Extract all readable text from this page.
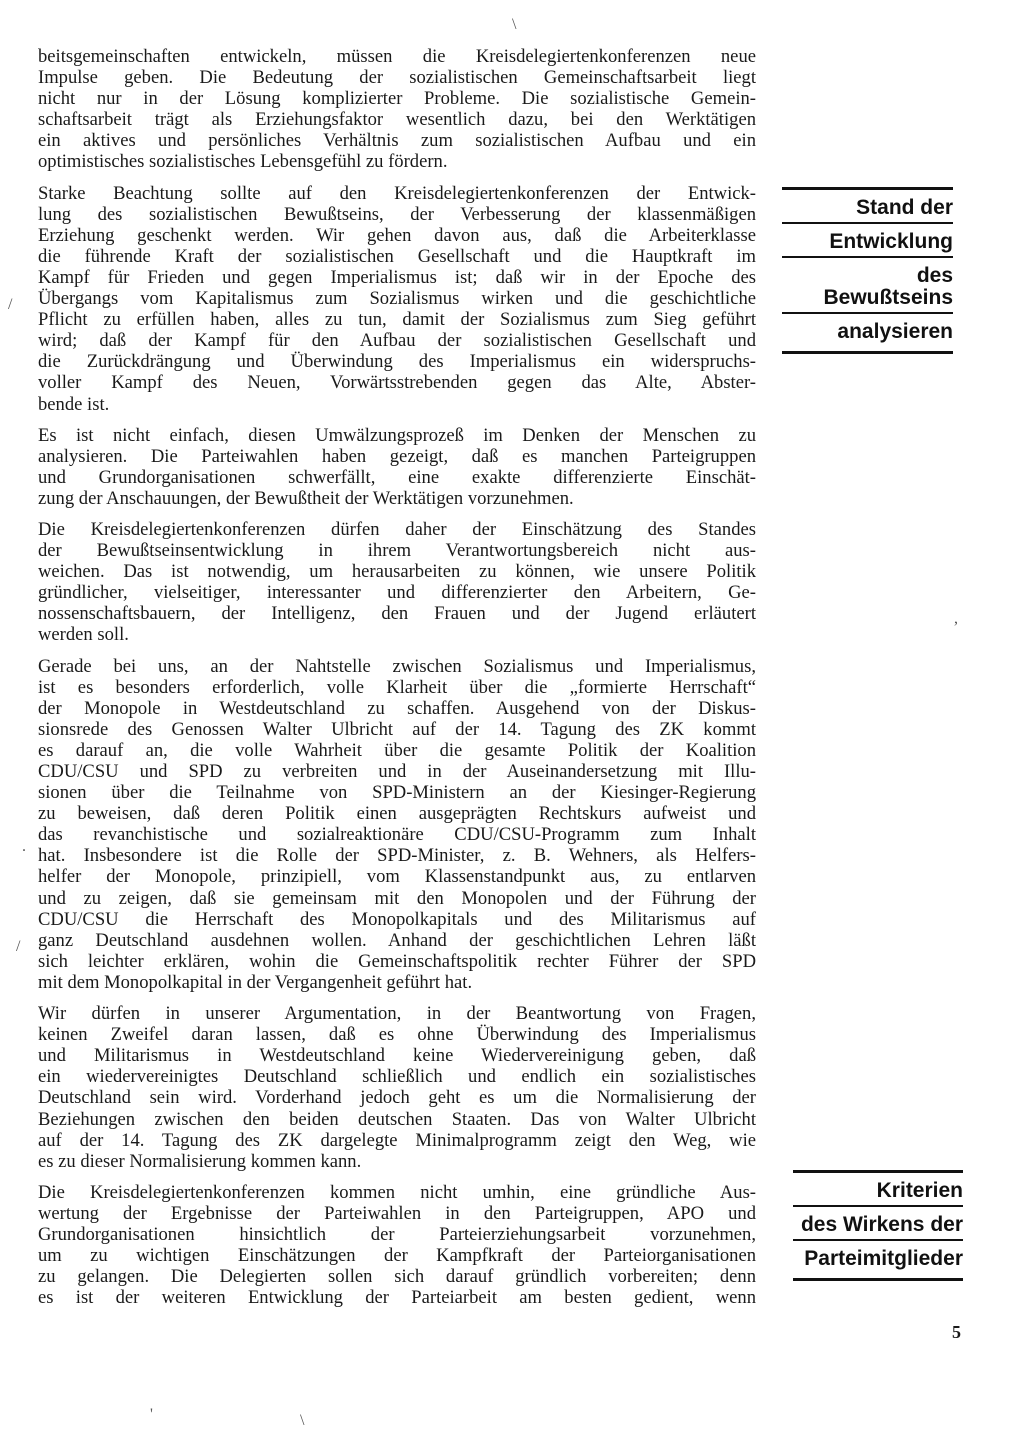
\
/
,
.
/
'	\

beitsgemeinschaften entwickeln, müssen die Kreisdelegiertenkonferenzen neue
Impulse geben. Die Bedeutung der sozialistischen Gemeinschaftsarbeit liegt
nicht nur in der Lösung komplizierter Probleme. Die sozialistische Gemein-
schaftsarbeit trägt als Erziehungsfaktor wesentlich dazu, bei den Werktätigen
ein aktives und persönliches Verhältnis zum sozialistischen Aufbau und ein
optimistisches sozialistisches Lebensgefühl zu fördern.

Starke Beachtung sollte auf den Kreisdelegiertenkonferenzen der Entwick-
lung des sozialistischen Bewußtseins, der Verbesserung der klassenmäßigen
Erziehung geschenkt werden. Wir gehen davon aus, daß die Arbeiterklasse
die führende Kraft der sozialistischen Gesellschaft und die Hauptkraft im
Kampf für Frieden und gegen Imperialismus ist; daß wir in der Epoche des
Übergangs vom Kapitalismus zum Sozialismus wirken und die geschichtliche
Pflicht zu erfüllen haben, alles zu tun, damit der Sozialismus zum Sieg geführt
wird; daß der Kampf für den Aufbau der sozialistischen Gesellschaft und
die Zurückdrängung und Überwindung des Imperialismus ein widerspruchs-
voller Kampf des Neuen, Vorwärtsstrebenden gegen das Alte, Abster-
bende ist.

Es ist nicht einfach, diesen Umwälzungsprozeß im Denken der Menschen zu
analysieren. Die Parteiwahlen haben gezeigt, daß es manchen Parteigruppen
und Grundorganisationen schwerfällt, eine exakte differenzierte Einschät-
zung der Anschauungen, der Bewußtheit der Werktätigen vorzunehmen.

Die Kreisdelegiertenkonferenzen dürfen daher der Einschätzung des Standes
der Bewußtseinsentwicklung in ihrem Verantwortungsbereich nicht aus-
weichen. Das ist notwendig, um herausarbeiten zu können, wie unsere Politik
gründlicher, vielseitiger, interessanter und differenzierter den Arbeitern, Ge-
nossenschaftsbauern, der Intelligenz, den Frauen und der Jugend erläutert
werden soll.

Gerade bei uns, an der Nahtstelle zwischen Sozialismus und Imperialismus,
ist es besonders erforderlich, volle Klarheit über die „formierte Herrschaft“
der Monopole in Westdeutschland zu schaffen. Ausgehend von der Diskus-
sionsrede des Genossen Walter Ulbricht auf der 14. Tagung des ZK kommt
es darauf an, die volle Wahrheit über die gesamte Politik der Koalition
CDU/CSU und SPD zu verbreiten und in der Auseinandersetzung mit Illu-
sionen über die Teilnahme von SPD-Ministern an der Kiesinger-Regierung
zu beweisen, daß deren Politik einen ausgeprägten Rechtskurs aufweist und
das revanchistische und sozialreaktionäre CDU/CSU-Programm zum Inhalt
hat. Insbesondere ist die Rolle der SPD-Minister, z. B. Wehners, als Helfers-
helfer der Monopole, prinzipiell, vom Klassenstandpunkt aus, zu entlarven
und zu zeigen, daß sie gemeinsam mit den Monopolen und der Führung der
CDU/CSU die Herrschaft des Monopolkapitals und des Militarismus auf
ganz Deutschland ausdehnen wollen. Anhand der geschichtlichen Lehren läßt
sich leichter erklären, wohin die Gemeinschaftspolitik rechter Führer der SPD
mit dem Monopolkapital in der Vergangenheit geführt hat.

Wir dürfen in unserer Argumentation, in der Beantwortung von Fragen,
keinen Zweifel daran lassen, daß es ohne Überwindung des Imperialismus
und Militarismus in Westdeutschland keine Wiedervereinigung geben, daß
ein wiedervereinigtes Deutschland schließlich und endlich ein sozialistisches
Deutschland sein wird. Vorderhand jedoch geht es um die Normalisierung der
Beziehungen zwischen den beiden deutschen Staaten. Das von Walter Ulbricht
auf der 14. Tagung des ZK dargelegte Minimalprogramm zeigt den Weg, wie
es zu dieser Normalisierung kommen kann.

Die Kreisdelegiertenkonferenzen kommen nicht umhin, eine gründliche Aus-
wertung der Ergebnisse der Parteiwahlen in den Parteigruppen, APO und
Grundorganisationen hinsichtlich der Parteierziehungsarbeit vorzunehmen,
um zu wichtigen Einschätzungen der Kampfkraft der Parteiorganisationen
zu gelangen. Die Delegierten sollen sich darauf gründlich vorbereiten; denn
es ist der weiteren Entwicklung der Parteiarbeit am besten gedient, wenn

Stand der
Entwicklung
des Bewußtseins
analysieren
Kriterien
des Wirkens der
Parteimitglieder
5
